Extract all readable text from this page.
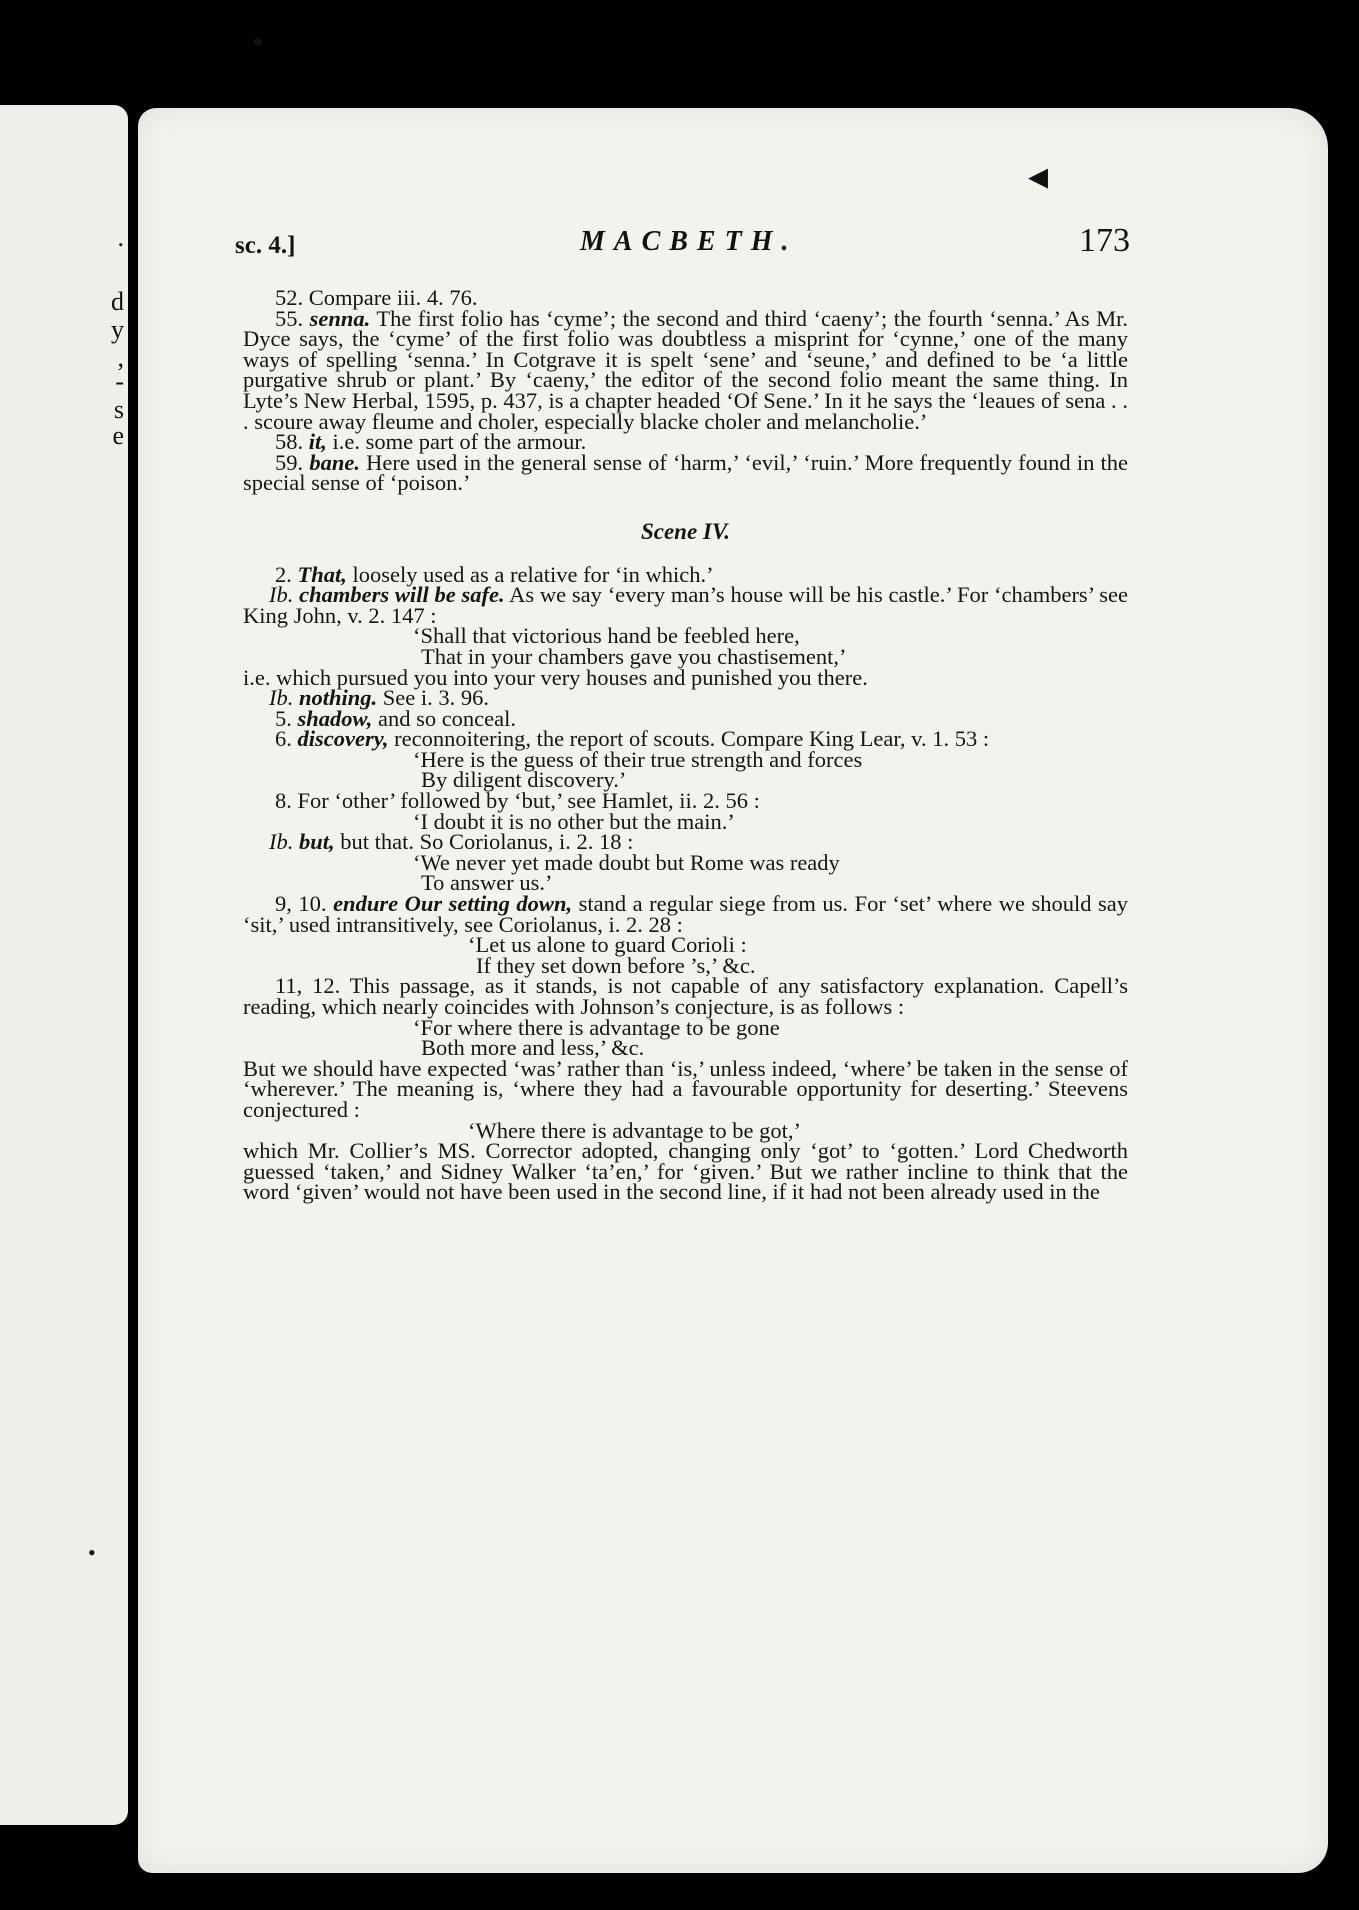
•
.
d
y
,
-
s
e
◂
sc. 4.]	MACBETH.	173

52. Compare iii. 4. 76.

55. senna. The first folio has ‘cyme’; the second and third ‘caeny’; the fourth ‘senna.’ As Mr. Dyce says, the ‘cyme’ of the first folio was doubtless a misprint for ‘cynne,’ one of the many ways of spelling ‘senna.’ In Cotgrave it is spelt ‘sene’ and ‘seune,’ and defined to be ‘a little purgative shrub or plant.’ By ‘caeny,’ the editor of the second folio meant the same thing. In Lyte’s New Herbal, 1595, p. 437, is a chapter headed ‘Of Sene.’ In it he says the ‘leaues of sena . . . scoure away fleume and choler, especially blacke choler and melancholie.’

58. it, i.e. some part of the armour.

59. bane. Here used in the general sense of ‘harm,’ ‘evil,’ ‘ruin.’ More frequently found in the special sense of ‘poison.’

Scene IV.

2. That, loosely used as a relative for ‘in which.’

Ib. chambers will be safe. As we say ‘every man’s house will be his castle.’ For ‘chambers’ see King John, v. 2. 147 :

‘Shall that victorious hand be feebled here,
That in your chambers gave you chastisement,’

i.e. which pursued you into your very houses and punished you there.

Ib. nothing. See i. 3. 96.

5. shadow, and so conceal.

6. discovery, reconnoitering, the report of scouts. Compare King Lear, v. 1. 53 :

‘Here is the guess of their true strength and forces
By diligent discovery.’

8. For ‘other’ followed by ‘but,’ see Hamlet, ii. 2. 56 :

‘I doubt it is no other but the main.’

Ib. but, but that. So Coriolanus, i. 2. 18 :

‘We never yet made doubt but Rome was ready
To answer us.’

9, 10. endure Our setting down, stand a regular siege from us. For ‘set’ where we should say ‘sit,’ used intransitively, see Coriolanus, i. 2. 28 :

‘Let us alone to guard Corioli :
If they set down before ’s,’ &c.

11, 12. This passage, as it stands, is not capable of any satisfactory explanation. Capell’s reading, which nearly coincides with Johnson’s conjecture, is as follows :

‘For where there is advantage to be gone
Both more and less,’ &c.

But we should have expected ‘was’ rather than ‘is,’ unless indeed, ‘where’ be taken in the sense of ‘wherever.’ The meaning is, ‘where they had a favourable opportunity for deserting.’ Steevens conjectured :

‘Where there is advantage to be got,’

which Mr. Collier’s MS. Corrector adopted, changing only ‘got’ to ‘gotten.’ Lord Chedworth guessed ‘taken,’ and Sidney Walker ‘ta’en,’ for ‘given.’ But we rather incline to think that the word ‘given’ would not have been used in the second line, if it had not been already used in the

•
